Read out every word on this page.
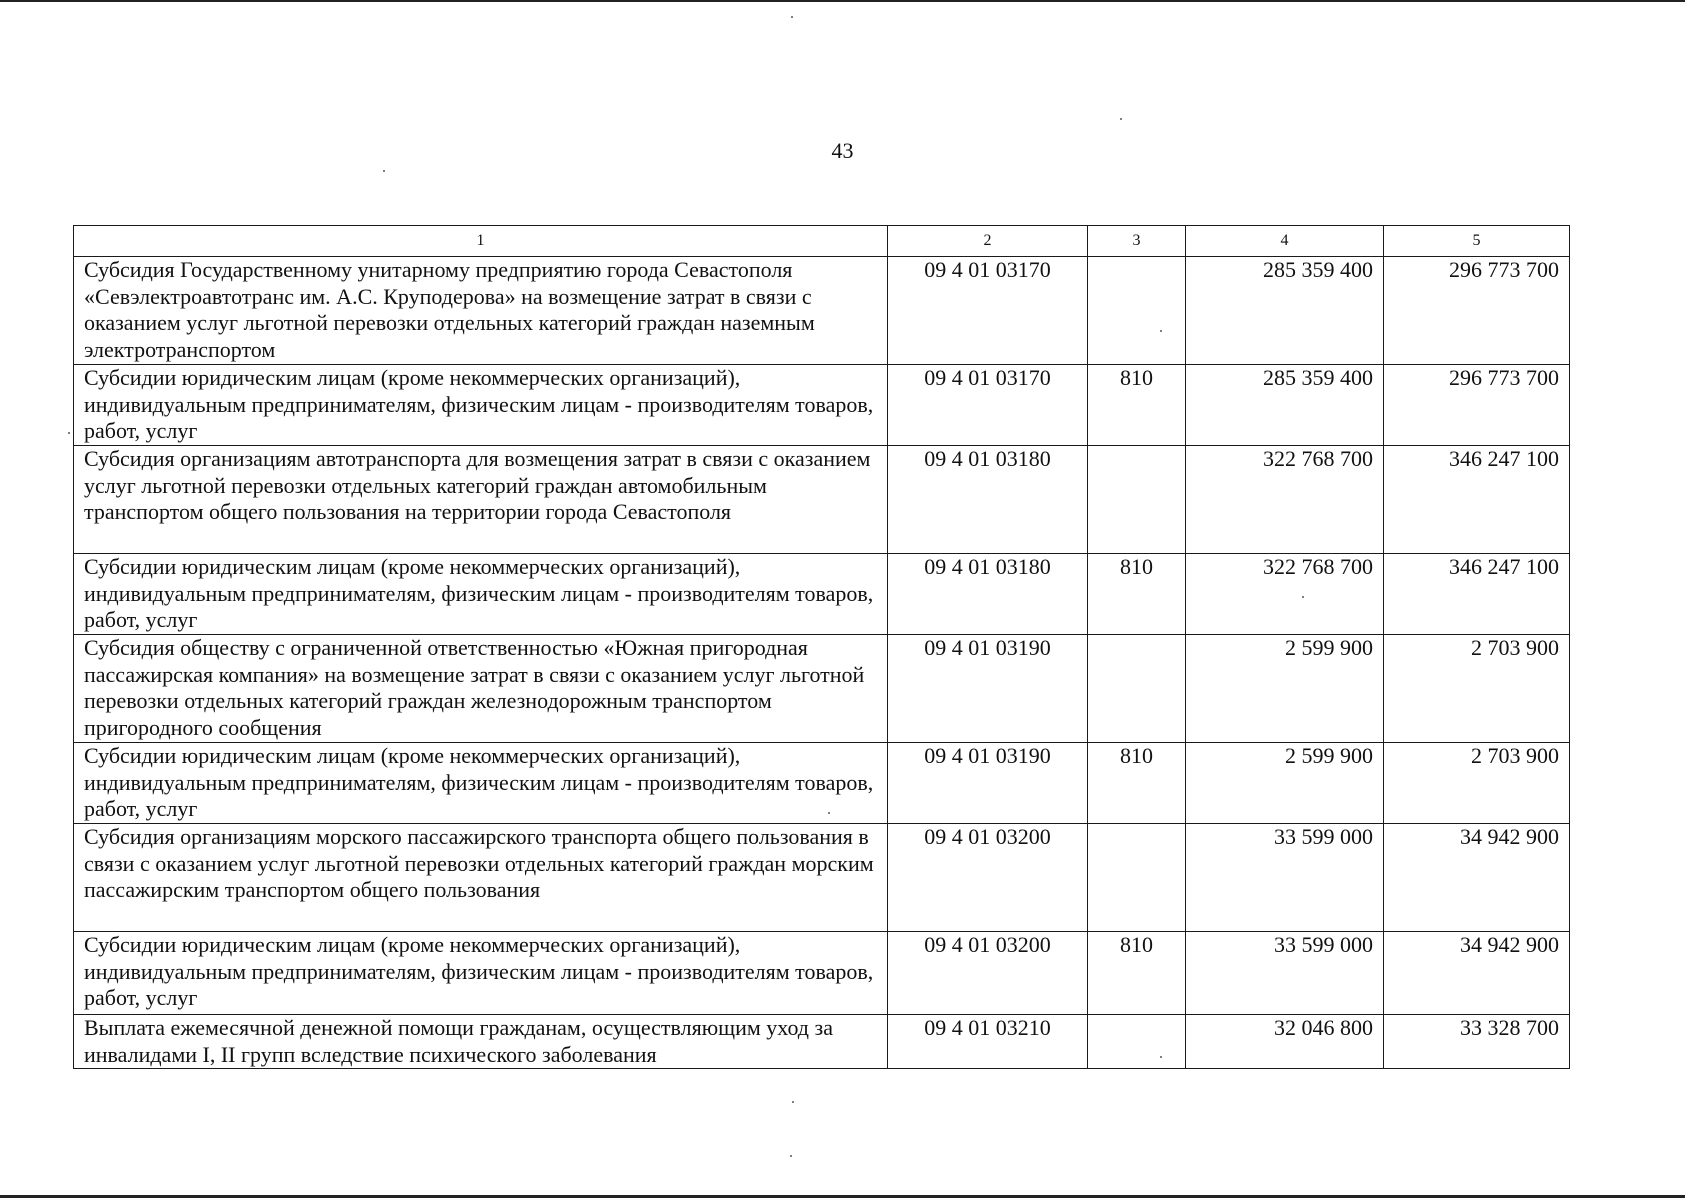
43
1	2	3	4	5
Субсидия Государственному унитарному предприятию города Севастополя «Севэлектроавтотранс им. А.С. Круподерова» на возмещение затрат в связи с оказанием услуг льготной перевозки отдельных категорий граждан наземным электротранспортом	09 4 01 03170		285 359 400	296 773 700
Субсидии юридическим лицам (кроме некоммерческих организаций), индивидуальным предпринимателям, физическим лицам - производителям товаров, работ, услуг	09 4 01 03170	810	285 359 400	296 773 700
Субсидия организациям автотранспорта для возмещения затрат в связи с оказанием услуг льготной перевозки отдельных категорий граждан автомобильным транспортом общего пользования на территории города Севастополя	09 4 01 03180		322 768 700	346 247 100
Субсидии юридическим лицам (кроме некоммерческих организаций), индивидуальным предпринимателям, физическим лицам - производителям товаров, работ, услуг	09 4 01 03180	810	322 768 700	346 247 100
Субсидия обществу с ограниченной ответственностью «Южная пригородная пассажирская компания» на возмещение затрат в связи с оказанием услуг льготной перевозки отдельных категорий граждан железнодорожным транспортом пригородного сообщения	09 4 01 03190		2 599 900	2 703 900
Субсидии юридическим лицам (кроме некоммерческих организаций), индивидуальным предпринимателям, физическим лицам - производителям товаров, работ, услуг	09 4 01 03190	810	2 599 900	2 703 900
Субсидия организациям морского пассажирского транспорта общего пользования в связи с оказанием услуг льготной перевозки отдельных категорий граждан морским пассажирским транспортом общего пользования	09 4 01 03200		33 599 000	34 942 900
Субсидии юридическим лицам (кроме некоммерческих организаций), индивидуальным предпринимателям, физическим лицам - производителям товаров, работ, услуг	09 4 01 03200	810	33 599 000	34 942 900
Выплата ежемесячной денежной помощи гражданам, осуществляющим уход за инвалидами I, II групп вследствие психического заболевания	09 4 01 03210		32 046 800	33 328 700
